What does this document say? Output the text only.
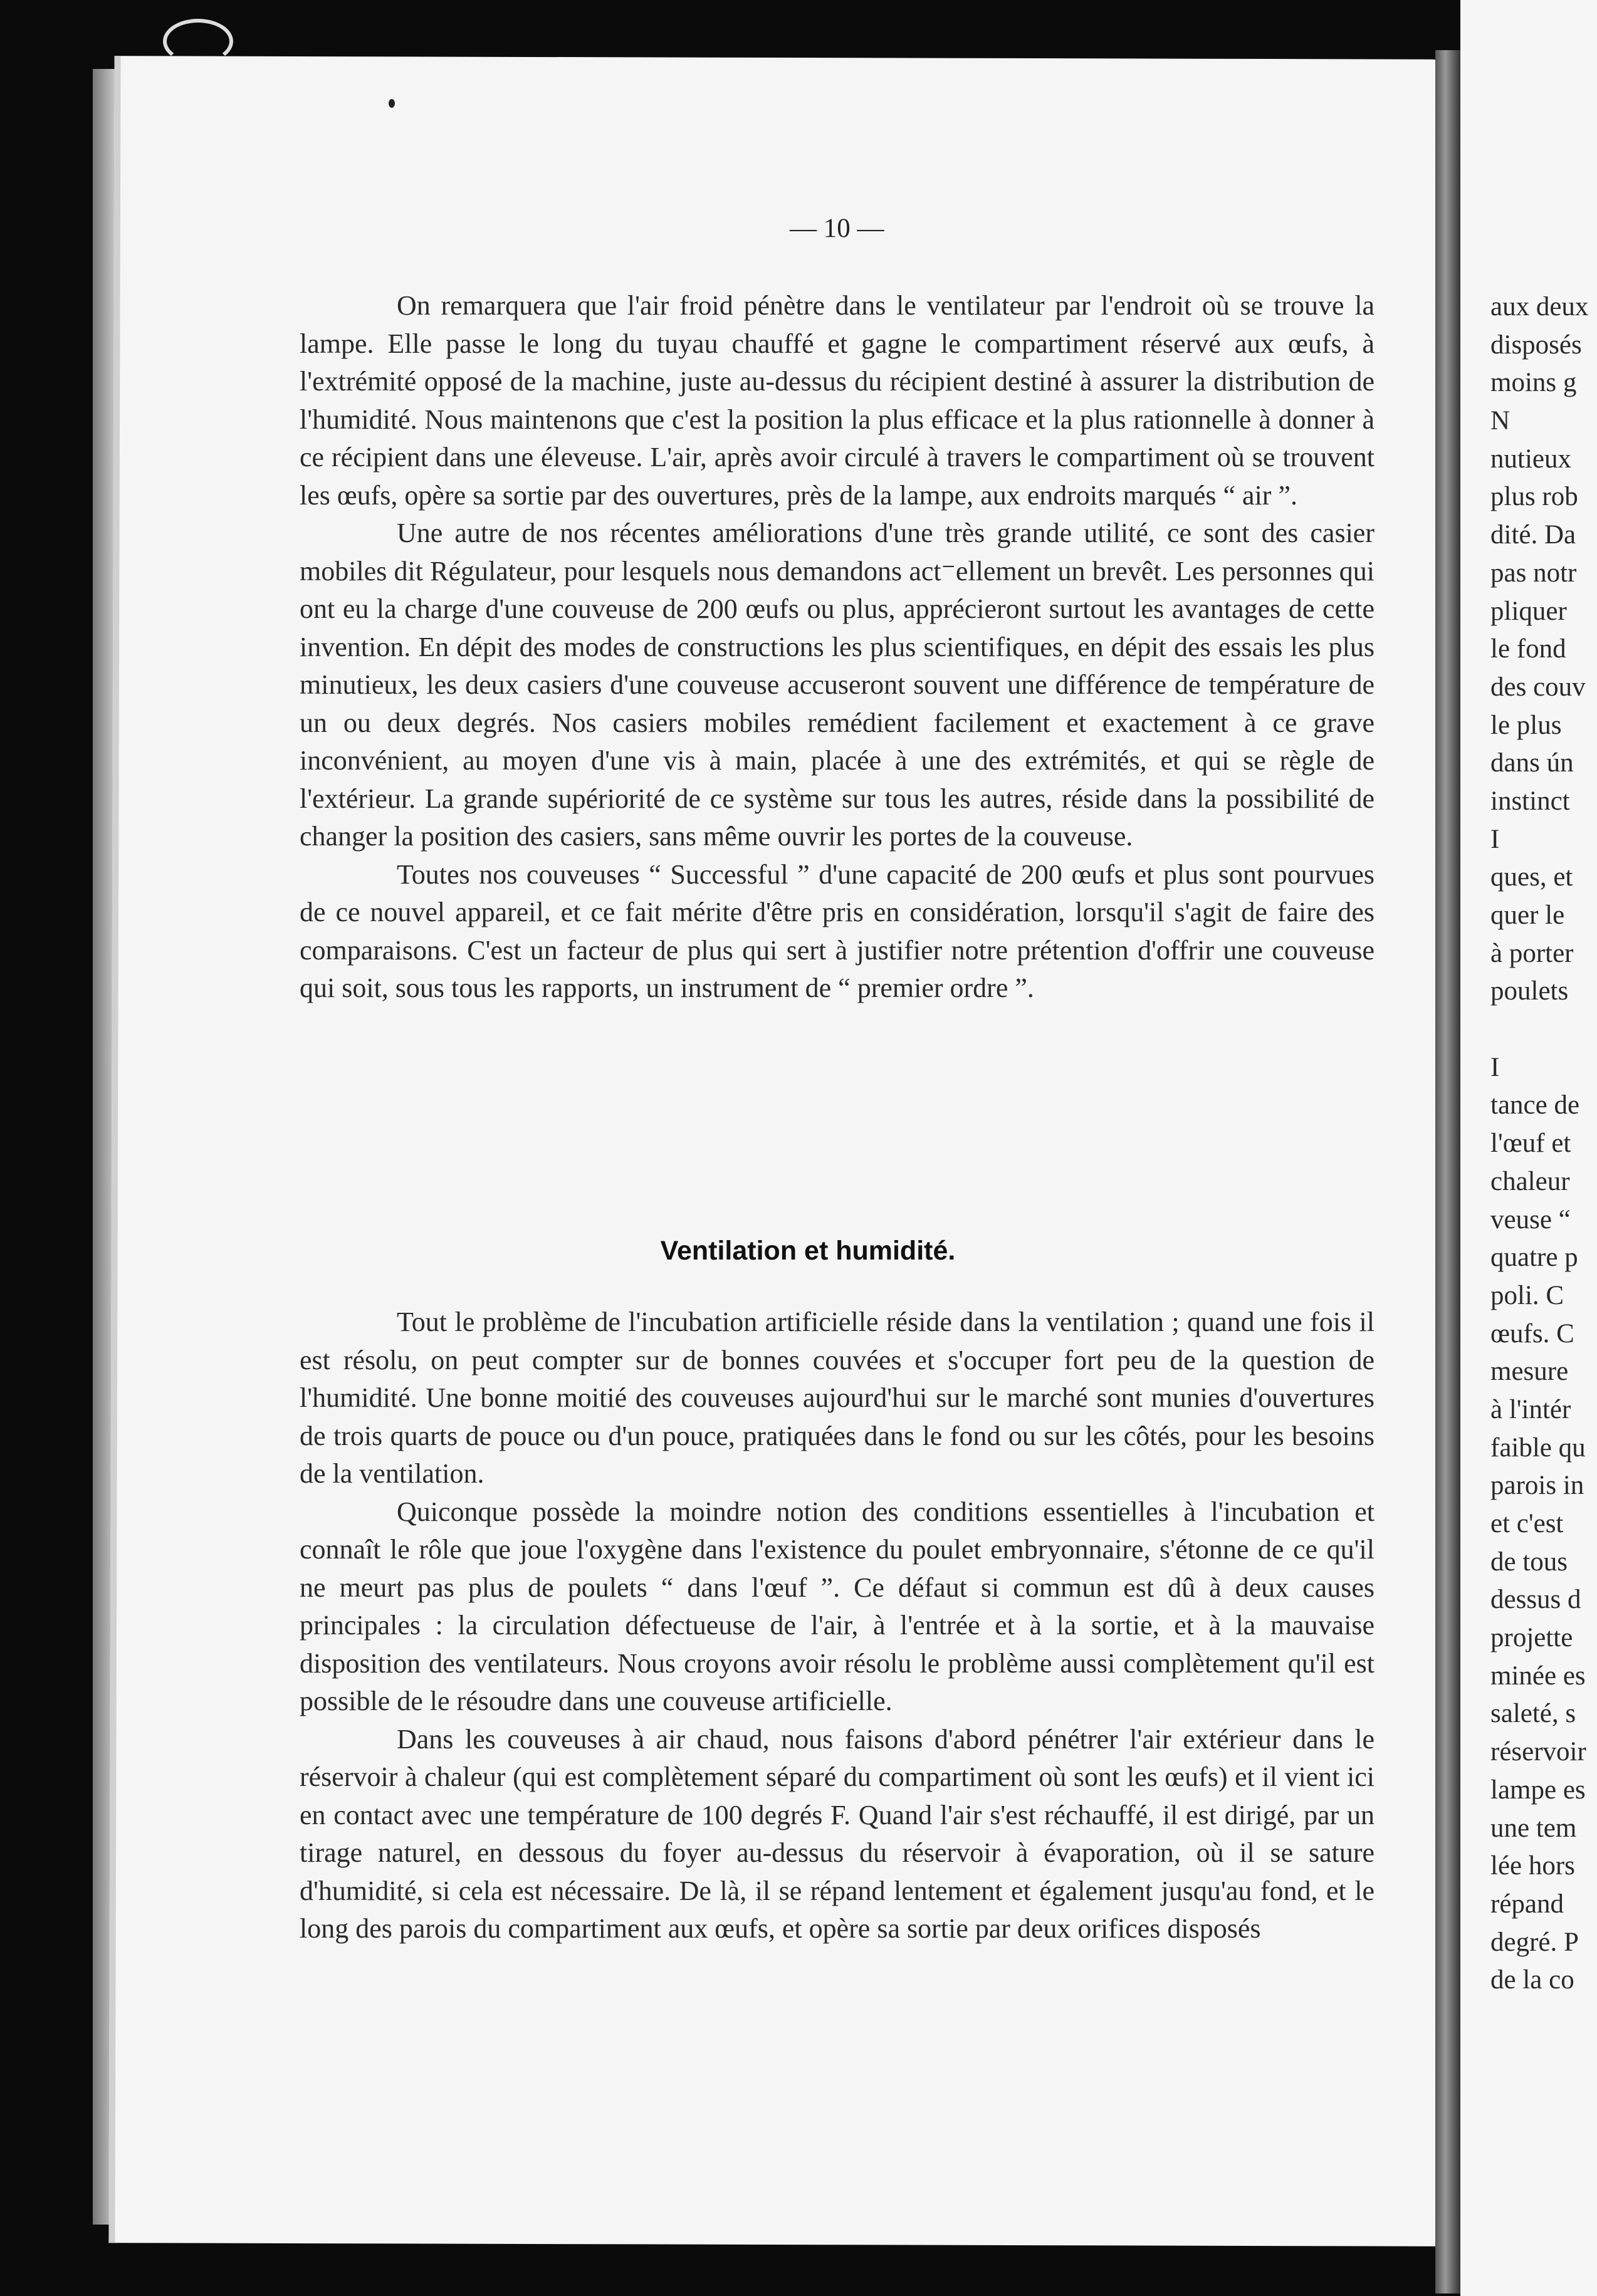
— 10 —

On remarquera que l'air froid pénètre dans le ventilateur par l'endroit où se trouve la lampe. Elle passe le long du tuyau chauffé et gagne le compartiment réservé aux œufs, à l'extrémité opposé de la machine, juste au-dessus du récipient destiné à assurer la distribution de l'humidité. Nous maintenons que c'est la position la plus efficace et la plus rationnelle à donner à ce récipient dans une éleveuse. L'air, après avoir circulé à travers le compartiment où se trouvent les œufs, opère sa sortie par des ouvertures, près de la lampe, aux endroits marqués “ air ”.

Une autre de nos récentes améliorations d'une très grande utilité, ce sont des casier mobiles dit Régulateur, pour lesquels nous demandons act⁻ellement un brevêt. Les personnes qui ont eu la charge d'une couveuse de 200 œufs ou plus, apprécieront surtout les avantages de cette invention. En dépit des modes de constructions les plus scientifiques, en dépit des essais les plus minutieux, les deux casiers d'une couveuse accuseront souvent une différence de température de un ou deux degrés. Nos casiers mobiles remédient facilement et exactement à ce grave inconvénient, au moyen d'une vis à main, placée à une des extrémités, et qui se règle de l'extérieur. La grande supériorité de ce système sur tous les autres, réside dans la possibilité de changer la position des casiers, sans même ouvrir les portes de la couveuse.

Toutes nos couveuses “ Successful ” d'une capacité de 200 œufs et plus sont pourvues de ce nouvel appareil, et ce fait mérite d'être pris en considération, lorsqu'il s'agit de faire des comparaisons. C'est un facteur de plus qui sert à justifier notre prétention d'offrir une couveuse qui soit, sous tous les rapports, un instrument de “ premier ordre ”.

Ventilation et humidité.

Tout le problème de l'incubation artificielle réside dans la ventilation ; quand une fois il est résolu, on peut compter sur de bonnes couvées et s'occuper fort peu de la question de l'humidité. Une bonne moitié des couveuses aujourd'hui sur le marché sont munies d'ouvertures de trois quarts de pouce ou d'un pouce, pratiquées dans le fond ou sur les côtés, pour les besoins de la ventilation.

Quiconque possède la moindre notion des conditions essentielles à l'incubation et connaît le rôle que joue l'oxygène dans l'existence du poulet embryonnaire, s'étonne de ce qu'il ne meurt pas plus de poulets “ dans l'œuf ”. Ce défaut si commun est dû à deux causes principales : la circulation défectueuse de l'air, à l'entrée et à la sortie, et à la mauvaise disposition des ventilateurs. Nous croyons avoir résolu le problème aussi complètement qu'il est possible de le résoudre dans une couveuse artificielle.

Dans les couveuses à air chaud, nous faisons d'abord pénétrer l'air extérieur dans le réservoir à chaleur (qui est complètement séparé du compartiment où sont les œufs) et il vient ici en contact avec une température de 100 degrés F. Quand l'air s'est réchauffé, il est dirigé, par un tirage naturel, en dessous du foyer au-dessus du réservoir à évaporation, où il se sature d'humidité, si cela est nécessaire. De là, il se répand lentement et également jusqu'au fond, et le long des parois du compartiment aux œufs, et opère sa sortie par deux orifices disposés

aux deux
disposés
moins g
N
nutieux
plus rob
dité. Da
pas notr
pliquer
le fond
des couv
le plus
dans ún
instinct
I
ques, et
quer le
à porter
poulets
I
tance de
l'œuf et
chaleur
veuse “
quatre p
poli. C
œufs. C
mesure
à l'intér
faible qu
parois in
et c'est
de tous
dessus d
projette
minée es
saleté, s
réservoir
lampe es
une tem
lée hors
répand
degré. P
de la co
